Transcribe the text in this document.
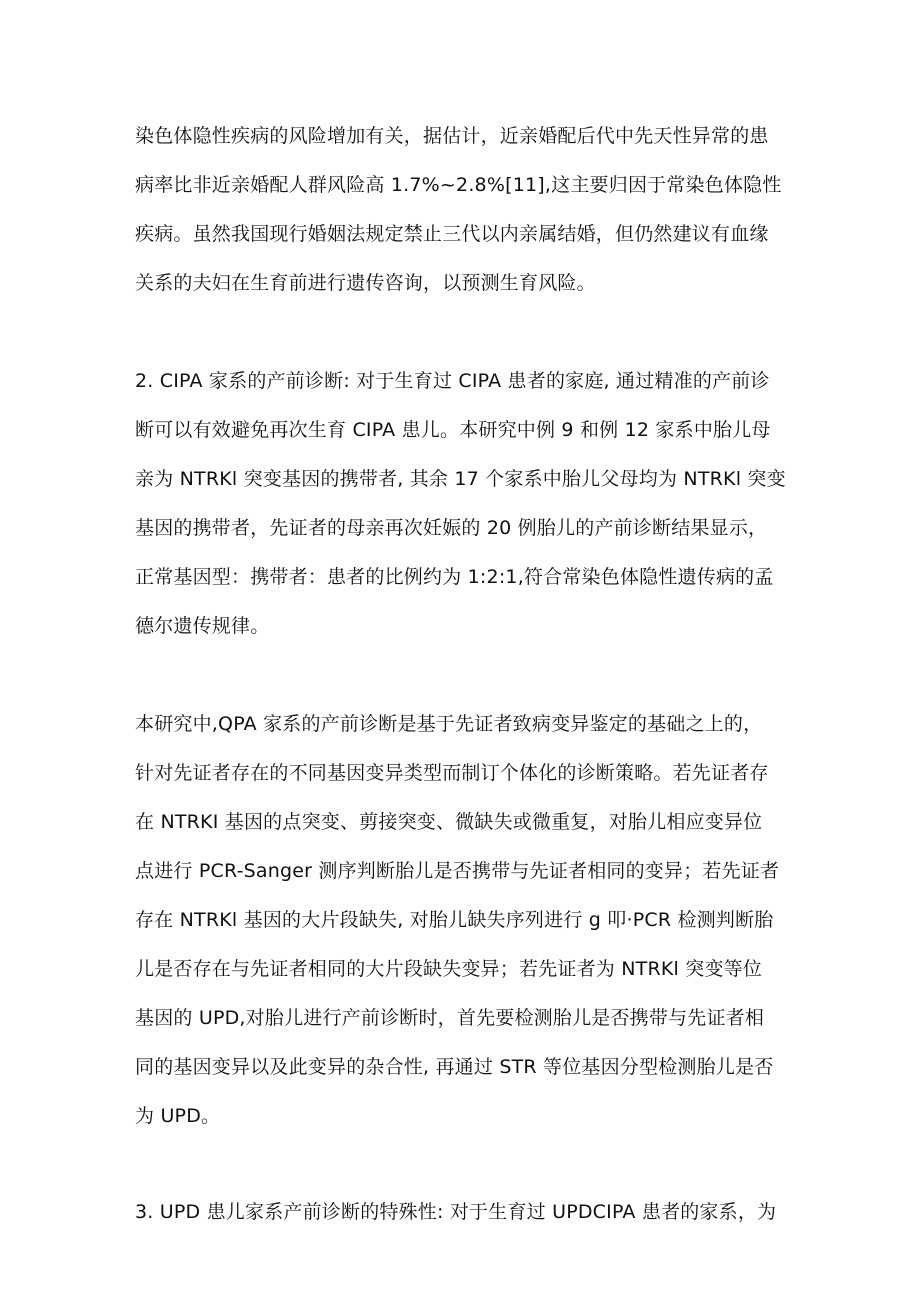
染色体隐性疾病的风险增加有关，据估计，近亲婚配后代中先天性异常的患
病率比非近亲婚配人群风险高 1.7%~2.8%[11],这主要归因于常染色体隐性
疾病。虽然我国现行婚姻法规定禁止三代以内亲属结婚，但仍然建议有血缘
关系的夫妇在生育前进行遗传咨询，以预测生育风险。
2. CIPA 家系的产前诊断: 对于生育过 CIPA 患者的家庭, 通过精准的产前诊
断可以有效避免再次生育 CIPA 患儿。本研究中例 9 和例 12 家系中胎儿母
亲为 NTRKl 突变基因的携带者, 其余 17 个家系中胎儿父母均为 NTRKl 突变
基因的携带者，先证者的母亲再次妊娠的 20 例胎儿的产前诊断结果显示，
正常基因型：携带者：患者的比例约为 1:2:1,符合常染色体隐性遗传病的孟
德尔遗传规律。
本研究中,QPA 家系的产前诊断是基于先证者致病变异鉴定的基础之上的，
针对先证者存在的不同基因变异类型而制订个体化的诊断策略。若先证者存
在 NTRKI 基因的点突变、剪接突变、微缺失或微重复，对胎儿相应变异位
点进行 PCR-Sanger 测序判断胎儿是否携带与先证者相同的变异；若先证者
存在 NTRKl 基因的大片段缺失, 对胎儿缺失序列进行 g 叩·PCR 检测判断胎
儿是否存在与先证者相同的大片段缺失变异；若先证者为 NTRKl 突变等位
基因的 UPD,对胎儿进行产前诊断时，首先要检测胎儿是否携带与先证者相
同的基因变异以及此变异的杂合性, 再通过 STR 等位基因分型检测胎儿是否
为 UPD。
3. UPD 患儿家系产前诊断的特殊性: 对于生育过 UPDCIPA 患者的家系，为
